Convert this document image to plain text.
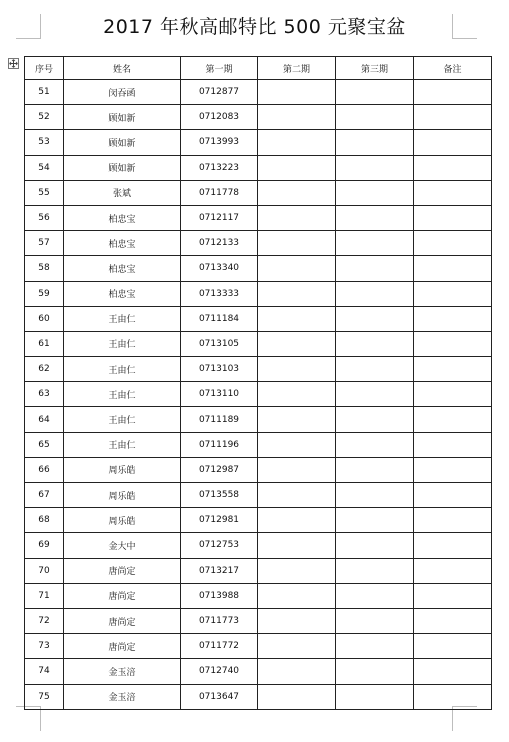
2017 年秋高邮特比 500 元聚宝盆
序号	姓名	第一期	第二期	第三期	备注
51	闵吞函	0712877			
52	顾如新	0712083			
53	顾如新	0713993			
54	顾如新	0713223			
55	张斌	0711778			
56	柏忠宝	0712117			
57	柏忠宝	0712133			
58	柏忠宝	0713340			
59	柏忠宝	0713333			
60	王由仁	0711184			
61	王由仁	0713105			
62	王由仁	0713103			
63	王由仁	0713110			
64	王由仁	0711189			
65	王由仁	0711196			
66	周乐皓	0712987			
67	周乐皓	0713558			
68	周乐皓	0712981			
69	金大中	0712753			
70	唐尚定	0713217			
71	唐尚定	0713988			
72	唐尚定	0711773			
73	唐尚定	0711772			
74	金玉涪	0712740			
75	金玉涪	0713647			
